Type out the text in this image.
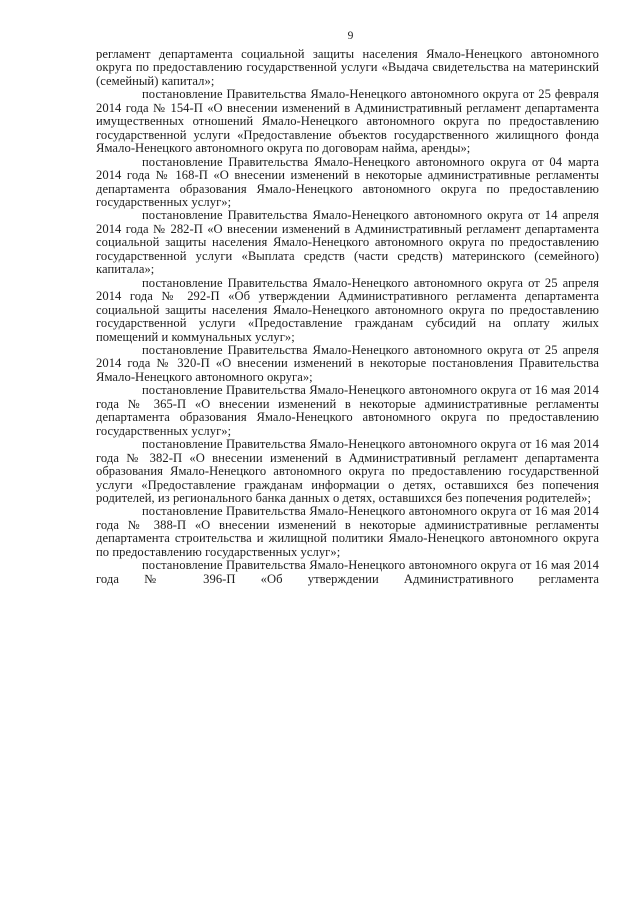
9

регламент департамента социальной защиты населения Ямало-Ненецкого автономного округа по предоставлению государственной услуги «Выдача свидетельства на материнский (семейный) капитал»;

постановление Правительства Ямало-Ненецкого автономного округа от 25 февраля 2014 года № 154-П «О внесении изменений в Административный регламент департамента имущественных отношений Ямало-Ненецкого автономного округа по предоставлению государственной услуги «Предоставление объектов государственного жилищного фонда Ямало-Ненецкого автономного округа по договорам найма, аренды»;

постановление Правительства Ямало-Ненецкого автономного округа от 04 марта 2014 года № 168-П «О внесении изменений в некоторые административные регламенты департамента образования Ямало-Ненецкого автономного округа по предоставлению государственных услуг»;

постановление Правительства Ямало-Ненецкого автономного округа от 14 апреля 2014 года № 282-П «О внесении изменений в Административный регламент департамента социальной защиты населения Ямало-Ненецкого автономного округа по предоставлению государственной услуги «Выплата средств (части средств) материнского (семейного) капитала»;

постановление Правительства Ямало-Ненецкого автономного округа от 25 апреля 2014 года № 292-П «Об утверждении Административного регламента департамента социальной защиты населения Ямало-Ненецкого автономного округа по предоставлению государственной услуги «Предоставление гражданам субсидий на оплату жилых помещений и коммунальных услуг»;

постановление Правительства Ямало-Ненецкого автономного округа от 25 апреля 2014 года № 320-П «О внесении изменений в некоторые постановления Правительства Ямало-Ненецкого автономного округа»;

постановление Правительства Ямало-Ненецкого автономного округа от 16 мая 2014 года № 365-П «О внесении изменений в некоторые административные регламенты департамента образования Ямало-Ненецкого автономного округа по предоставлению государственных услуг»;

постановление Правительства Ямало-Ненецкого автономного округа от 16 мая 2014 года № 382-П «О внесении изменений в Административный регламент департамента образования Ямало-Ненецкого автономного округа по предоставлению государственной услуги «Предоставление гражданам информации о детях, оставшихся без попечения родителей, из регионального банка данных о детях, оставшихся без попечения родителей»;

постановление Правительства Ямало-Ненецкого автономного округа от 16 мая 2014 года № 388-П «О внесении изменений в некоторые административные регламенты департамента строительства и жилищной политики Ямало-Ненецкого автономного округа по предоставлению государственных услуг»;

постановление Правительства Ямало-Ненецкого автономного округа от 16 мая 2014 года № 396-П «Об утверждении Административного регламента
